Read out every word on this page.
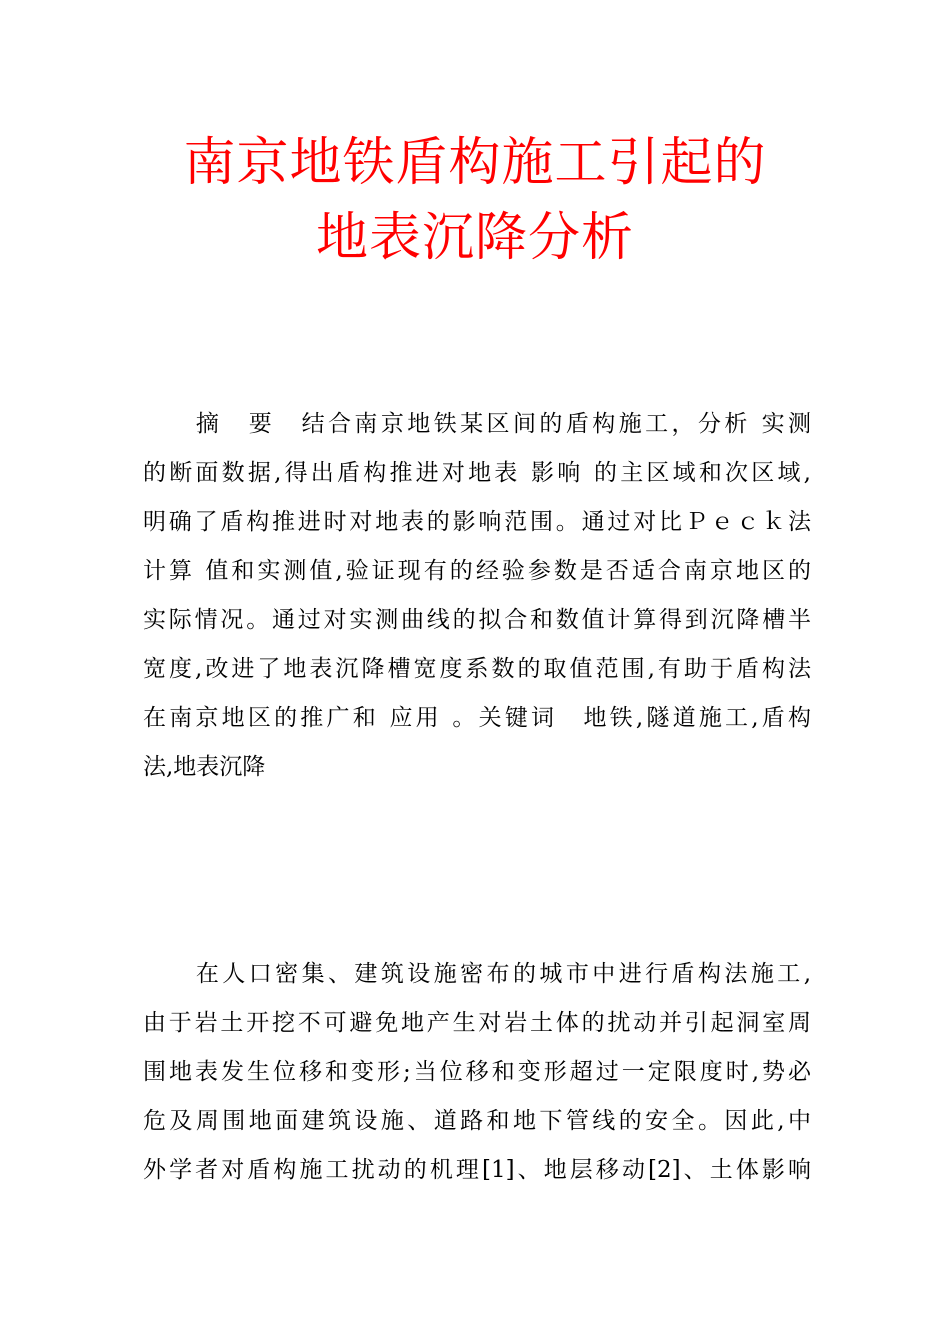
南京地铁盾构施工引起的
地表沉降分析
　　摘　要　结合南京地铁某区间的盾构施工，分析 实测
的断面数据,得出盾构推进对地表 影响 的主区域和次区域,
明确了盾构推进时对地表的影响范围。通过对比Ｐｅｃｋ法
计算 值和实测值,验证现有的经验参数是否适合南京地区的
实际情况。通过对实测曲线的拟合和数值计算得到沉降槽半
宽度,改进了地表沉降槽宽度系数的取值范围,有助于盾构法
在南京地区的推广和 应用 。关键词　地铁,隧道施工,盾构
法,地表沉降
　　在人口密集、建筑设施密布的城市中进行盾构法施工,
由于岩土开挖不可避免地产生对岩土体的扰动并引起洞室周
围地表发生位移和变形;当位移和变形超过一定限度时,势必
危及周围地面建筑设施、道路和地下管线的安全。因此,中
外学者对盾构施工扰动的机理[1]、地层移动[2]、土体影响
